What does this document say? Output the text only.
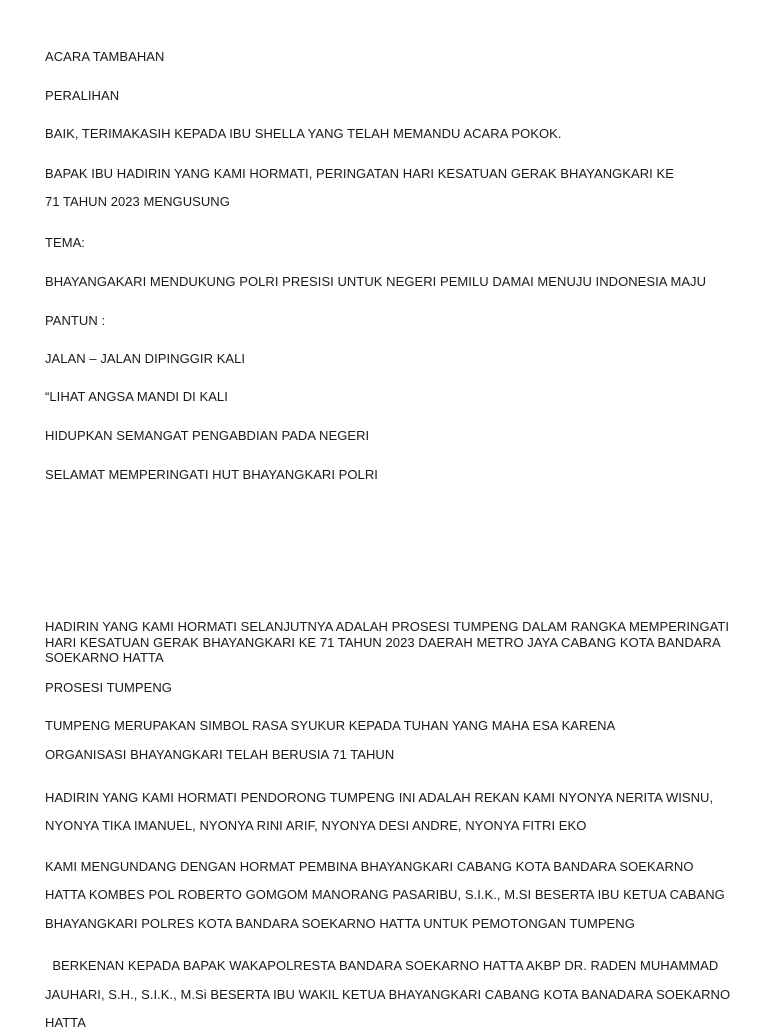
ACARA TAMBAHAN

PERALIHAN

BAIK, TERIMAKASIH KEPADA IBU SHELLA YANG TELAH MEMANDU ACARA POKOK.

BAPAK IBU HADIRIN YANG KAMI HORMATI, PERINGATAN HARI KESATUAN GERAK BHAYANGKARI KE

71 TAHUN 2023 MENGUSUNG

TEMA:

BHAYANGAKARI MENDUKUNG POLRI PRESISI UNTUK NEGERI PEMILU DAMAI MENUJU INDONESIA MAJU

PANTUN :

JALAN – JALAN DIPINGGIR KALI

“LIHAT ANGSA MANDI DI KALI

HIDUPKAN SEMANGAT PENGABDIAN PADA NEGERI

SELAMAT MEMPERINGATI HUT BHAYANGKARI POLRI

HADIRIN YANG KAMI HORMATI SELANJUTNYA ADALAH PROSESI TUMPENG DALAM RANGKA MEMPERINGATI

HARI KESATUAN GERAK BHAYANGKARI KE 71 TAHUN 2023 DAERAH METRO JAYA CABANG KOTA BANDARA

SOEKARNO HATTA

PROSESI TUMPENG

TUMPENG MERUPAKAN SIMBOL RASA SYUKUR KEPADA TUHAN YANG MAHA ESA KARENA

ORGANISASI BHAYANGKARI TELAH BERUSIA 71 TAHUN

HADIRIN YANG KAMI HORMATI PENDORONG TUMPENG INI ADALAH REKAN KAMI NYONYA NERITA WISNU,

NYONYA TIKA IMANUEL, NYONYA RINI ARIF, NYONYA DESI ANDRE, NYONYA FITRI EKO

KAMI MENGUNDANG DENGAN HORMAT PEMBINA BHAYANGKARI CABANG KOTA BANDARA SOEKARNO

HATTA KOMBES POL ROBERTO GOMGOM MANORANG PASARIBU, S.I.K., M.SI BESERTA IBU KETUA CABANG

BHAYANGKARI POLRES KOTA BANDARA SOEKARNO HATTA UNTUK PEMOTONGAN TUMPENG

BERKENAN KEPADA BAPAK WAKAPOLRESTA BANDARA SOEKARNO HATTA AKBP DR. RADEN MUHAMMAD

JAUHARI, S.H., S.I.K., M.Si BESERTA IBU WAKIL KETUA BHAYANGKARI CABANG KOTA BANADARA SOEKARNO

HATTA
